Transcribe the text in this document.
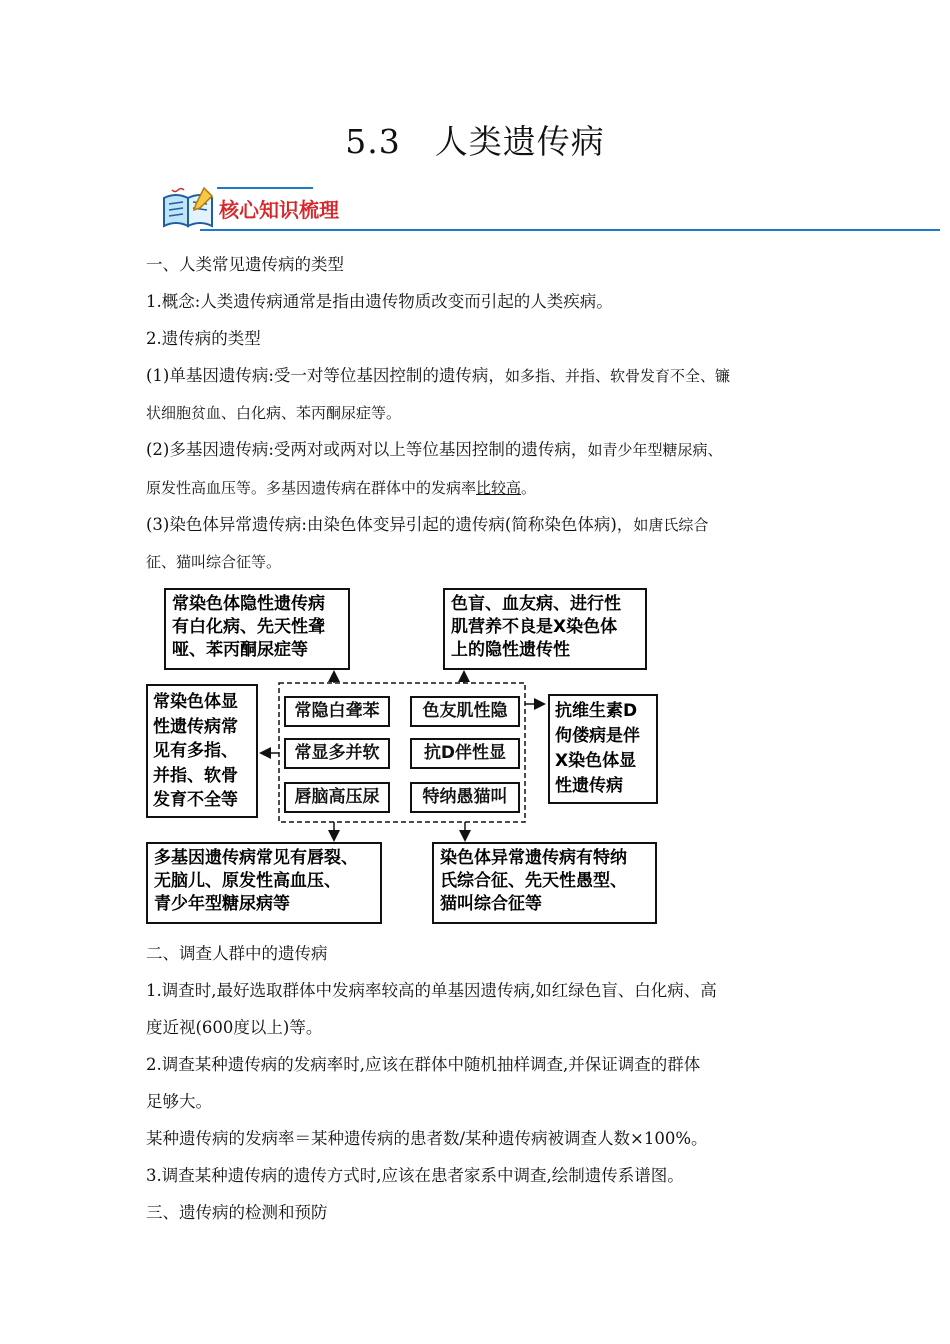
5.3　人类遗传病
核心知识梳理
一、人类常见遗传病的类型
1.概念:人类遗传病通常是指由遗传物质改变而引起的人类疾病。
2.遗传病的类型
(1)单基因遗传病:受一对等位基因控制的遗传病，如多指、并指、软骨发育不全、镰
状细胞贫血、白化病、苯丙酮尿症等。
(2)多基因遗传病:受两对或两对以上等位基因控制的遗传病，如青少年型糖尿病、
原发性高血压等。多基因遗传病在群体中的发病率比较高。
(3)染色体异常遗传病:由染色体变异引起的遗传病(简称染色体病)，如唐氏综合
征、猫叫综合征等。
常染色体隐性遗传病
有白化病、先天性聋
哑、苯丙酮尿症等
色盲、血友病、进行性
肌营养不良是X染色体
上的隐性遗传性
常染色体显
性遗传病常
见有多指、
并指、软骨
发育不全等
抗维生素D
佝偻病是伴
X染色体显
性遗传病
多基因遗传病常见有唇裂、
无脑儿、原发性高血压、
青少年型糖尿病等
染色体异常遗传病有特纳
氏综合征、先天性愚型、
猫叫综合征等
常隐白聋苯	色友肌性隐
常显多并软	抗D伴性显
唇脑高压尿	特纳愚猫叫
二、调查人群中的遗传病
1.调查时,最好选取群体中发病率较高的单基因遗传病,如红绿色盲、白化病、高
度近视(600度以上)等。
2.调查某种遗传病的发病率时,应该在群体中随机抽样调查,并保证调查的群体
足够大。
某种遗传病的发病率＝某种遗传病的患者数/某种遗传病被调查人数×100%。
3.调查某种遗传病的遗传方式时,应该在患者家系中调查,绘制遗传系谱图。
三、遗传病的检测和预防
